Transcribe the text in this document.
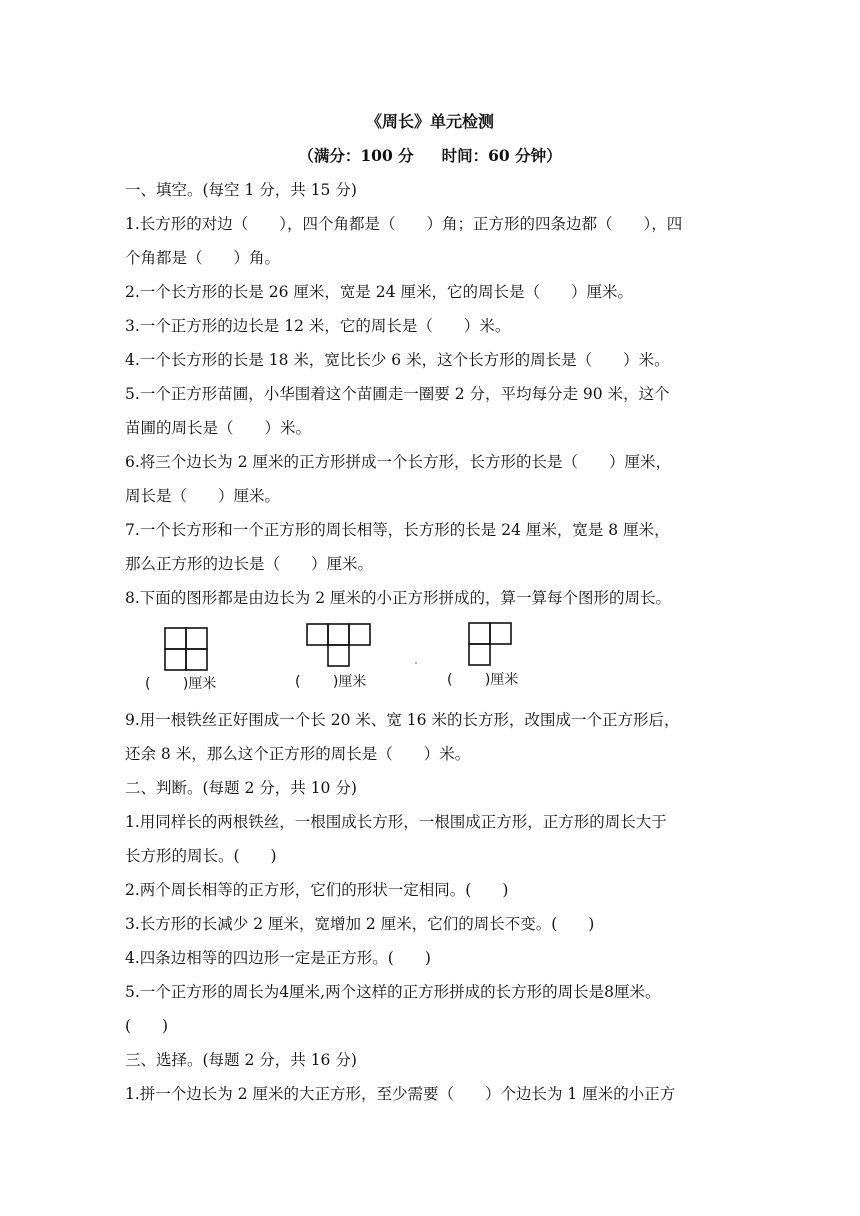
《周长》单元检测
（满分：100 分 时间：60 分钟）
一、填空。(每空 1 分，共 15 分)
1.长方形的对边（　　），四个角都是（　　）角；正方形的四条边都（　　），四
个角都是（　　）角。
2.一个长方形的长是 26 厘米，宽是 24 厘米，它的周长是（　　）厘米。
3.一个正方形的边长是 12 米，它的周长是（　　）米。
4.一个长方形的长是 18 米，宽比长少 6 米，这个长方形的周长是（　　）米。
5.一个正方形苗圃，小华围着这个苗圃走一圈要 2 分，平均每分走 90 米，这个
苗圃的周长是（　　）米。
6.将三个边长为 2 厘米的正方形拼成一个长方形，长方形的长是（　　）厘米，
周长是（　　）厘米。
7.一个长方形和一个正方形的周长相等，长方形的长是 24 厘米，宽是 8 厘米，
那么正方形的边长是（　　）厘米。
8.下面的图形都是由边长为 2 厘米的小正方形拼成的，算一算每个图形的周长。
(　　 )厘米	(　　 )厘米	(　　 )厘米
9.用一根铁丝正好围成一个长 20 米、宽 16 米的长方形，改围成一个正方形后，
还余 8 米，那么这个正方形的周长是（　　）米。
二、判断。(每题 2 分，共 10 分)
1.用同样长的两根铁丝，一根围成长方形，一根围成正方形，正方形的周长大于
长方形的周长。(　　)
2.两个周长相等的正方形，它们的形状一定相同。(　　)
3.长方形的长减少 2 厘米，宽增加 2 厘米，它们的周长不变。(　　)
4.四条边相等的四边形一定是正方形。(　　)
5.一个正方形的周长为4厘米,两个这样的正方形拼成的长方形的周长是8厘米。
(　　)
三、选择。(每题 2 分，共 16 分)
1.拼一个边长为 2 厘米的大正方形，至少需要（　　）个边长为 1 厘米的小正方
